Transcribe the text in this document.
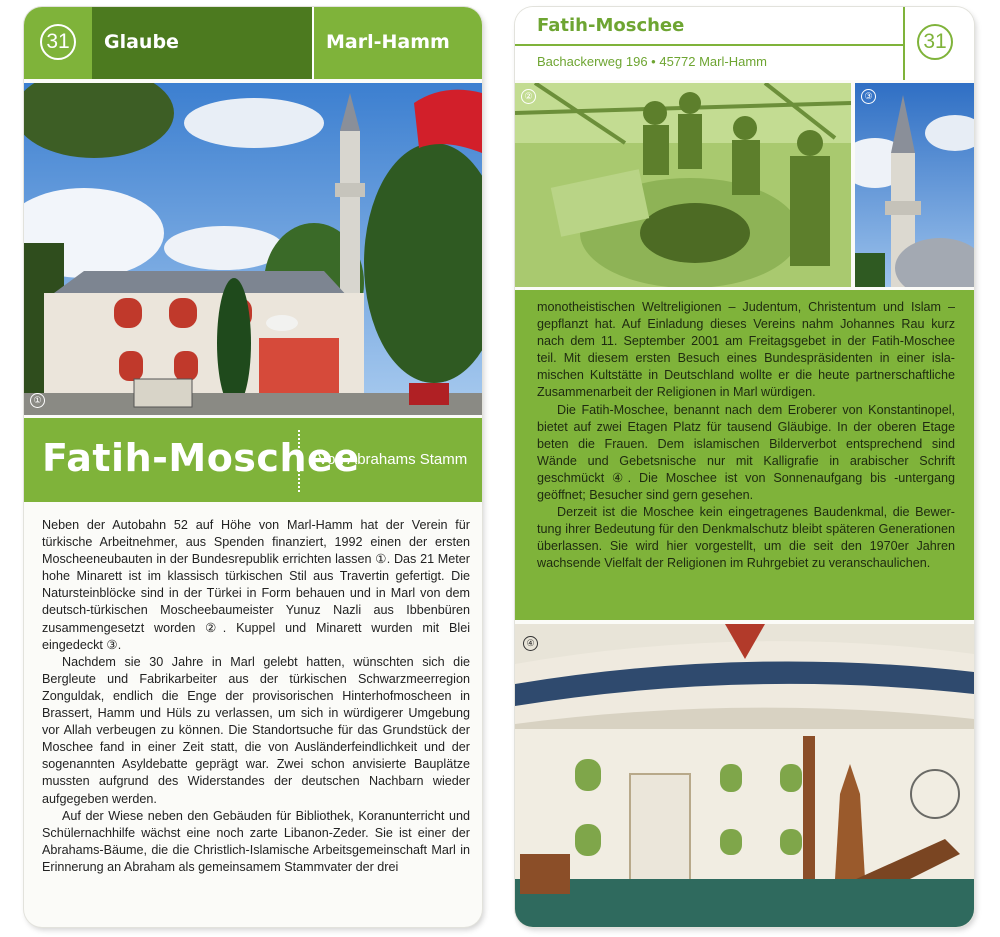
31	Glaube	Marl-Hamm
①
Fatih-Moschee
Von Abrahams Stamm

Neben der Autobahn 52 auf Höhe von Marl-Hamm hat der Verein für türkische Arbeitnehmer, aus Spenden finanziert, 1992 einen der ersten Moscheeneubauten in der Bundesrepublik errichten lassen ①. Das 21 Meter hohe Minarett ist im klassisch türkischen Stil aus Travertin gefertigt. Die Natursteinblöcke sind in der Türkei in Form behauen und in Marl von dem deutsch-türkischen Moscheebaumeister Yunuz Nazli aus Ibbenbüren zusammengesetzt worden ②. Kuppel und Minarett wurden mit Blei eingedeckt ③.

Nachdem sie 30 Jahre in Marl gelebt hatten, wünschten sich die Bergleute und Fabrikarbeiter aus der türkischen Schwarzmeerregion Zonguldak, endlich die Enge der provisorischen Hinterhofmoscheen in Brassert, Hamm und Hüls zu verlassen, um sich in würdigerer Umgebung vor Allah verbeugen zu können. Die Standortsuche für das Grundstück der Moschee fand in einer Zeit statt, die von Ausländerfeindlichkeit und der sogenannten Asyldebatte geprägt war. Zwei schon anvisierte Bauplätze mussten aufgrund des Widerstandes der deutschen Nachbarn wieder aufgegeben werden.

Auf der Wiese neben den Gebäuden für Bibliothek, Koranunterricht und Schülernachhilfe wächst eine noch zarte Libanon-Zeder. Sie ist einer der Abrahams-Bäume, die die Christlich-Islamische Arbeitsgemeinschaft Marl in Erinnerung an Abraham als gemeinsamem Stammvater der drei

Fatih-Moschee
Bachackerweg 196 • 45772 Marl-Hamm
31
②	③

monotheistischen Weltreligionen – Judentum, Christentum und Islam – gepflanzt hat. Auf Einladung dieses Vereins nahm Johannes Rau kurz nach dem 11. September 2001 am Freitagsgebet in der Fatih-Moschee teil. Mit diesem ersten Besuch eines Bundespräsidenten in einer islamischen Kultstätte in Deutschland wollte er die heute partnerschaftliche Zusammenarbeit der Religionen in Marl würdigen.

Die Fatih-Moschee, benannt nach dem Eroberer von Konstantinopel, bietet auf zwei Etagen Platz für tausend Gläubige. In der oberen Etage beten die Frauen. Dem islamischen Bilderverbot entsprechend sind Wände und Gebetsnische nur mit Kalligrafie in arabischer Schrift geschmückt ④. Die Moschee ist von Sonnenaufgang bis -untergang geöffnet; Besucher sind gern gesehen.

Derzeit ist die Moschee kein eingetragenes Baudenkmal, die Bewertung ihrer Bedeutung für den Denkmalschutz bleibt späteren Generationen überlassen. Sie wird hier vorgestellt, um die seit den 1970er Jahren wachsende Vielfalt der Religionen im Ruhrgebiet zu veranschaulichen.

④
